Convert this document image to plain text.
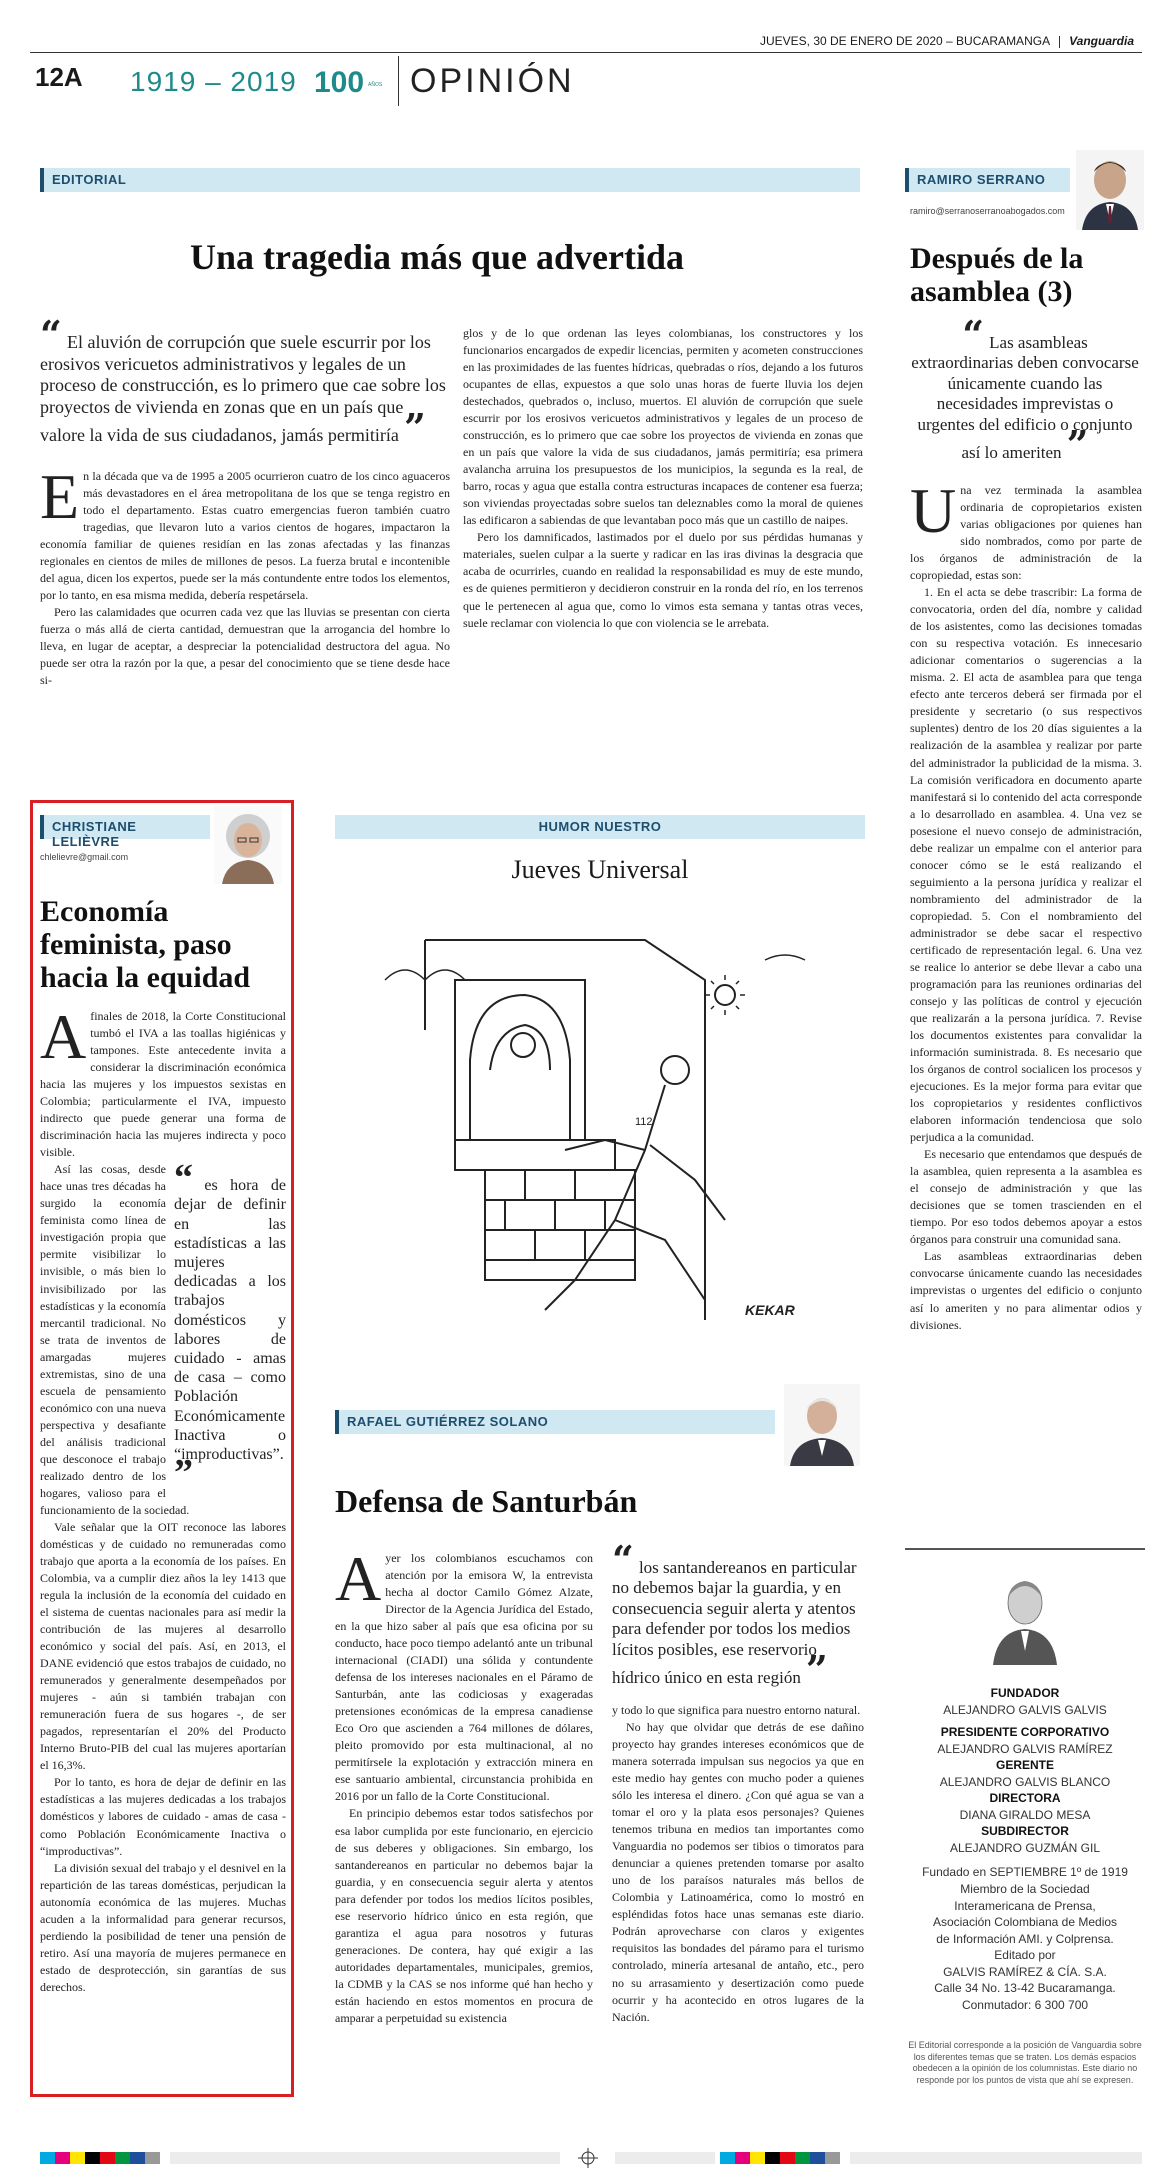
JUEVES, 30 DE ENERO DE 2020 – BUCARAMANGA Vanguardia
12A 1919 – 2019 100 AÑOS OPINIÓN
EDITORIAL
Una tragedia más que advertida
“ El aluvión de corrupción que suele escurrir por los erosivos vericuetos administrativos y legales de un proceso de construcción, es lo primero que cae sobre los proyectos de vivienda en zonas que en un país que valore la vida de sus ciudadanos, jamás permitiría ”
E n la década que va de 1995 a 2005 ocurrieron cuatro de los cinco aguaceros más devastadores en el área metropolitana de los que se tenga registro en todo el departamento. Estas cuatro emergencias fueron también cuatro tragedias, que llevaron luto a varios cientos de hogares, impactaron la economía familiar de quienes residían en las zonas afectadas y las finanzas regionales en cientos de miles de millones de pesos. La fuerza brutal e incontenible del agua, dicen los expertos, puede ser la más contundente entre todos los elementos, por lo tanto, en esa misma medida, debería respetársela.

Pero las calamidades que ocurren cada vez que las lluvias se presentan con cierta fuerza o más allá de cierta cantidad, demuestran que la arrogancia del hombre lo lleva, en lugar de aceptar, a despreciar la potencialidad destructora del agua. No puede ser otra la razón por la que, a pesar del conocimiento que se tiene desde hace si-

glos y de lo que ordenan las leyes colombianas, los constructores y los funcionarios encargados de expedir licencias, permiten y acometen construcciones en las proximidades de las fuentes hídricas, quebradas o ríos, dejando a los futuros ocupantes de ellas, expuestos a que solo unas horas de fuerte lluvia los dejen destechados, quebrados o, incluso, muertos. El aluvión de corrupción que suele escurrir por los erosivos vericuetos administrativos y legales de un proceso de construcción, es lo primero que cae sobre los proyectos de vivienda en zonas que en un país que valore la vida de sus ciudadanos, jamás permitiría; esa primera avalancha arruina los presupuestos de los municipios, la segunda es la real, de barro, rocas y agua que estalla contra estructuras incapaces de contener esa fuerza; son viviendas proyectadas sobre suelos tan deleznables como la moral de quienes las edificaron a sabiendas de que levantaban poco más que un castillo de naipes.

Pero los damnificados, lastimados por el duelo por sus pérdidas humanas y materiales, suelen culpar a la suerte y radicar en las iras divinas la desgracia que acaba de ocurrirles, cuando en realidad la responsabilidad es muy de este mundo, es de quienes permitieron y decidieron construir en la ronda del río, en los terrenos que le pertenecen al agua que, como lo vimos esta semana y tantas otras veces, suele reclamar con violencia lo que con violencia se le arrebata.

RAMIRO SERRANO
ramiro@serranoserranoabogados.com
Después de la asamblea (3)
“ Las asambleas extraordinarias deben convocarse únicamente cuando las necesidades imprevistas o urgentes del edificio o conjunto así lo ameriten ”
U na vez terminada la asamblea ordinaria de copropietarios existen varias obligaciones por quienes han sido nombrados, como por parte de los órganos de administración de la copropiedad, estas son:

1. En el acta se debe trascribir: La forma de convocatoria, orden del día, nombre y calidad de los asistentes, como las decisiones tomadas con su respectiva votación. Es innecesario adicionar comentarios o sugerencias a la misma. 2. El acta de asamblea para que tenga efecto ante terceros deberá ser firmada por el presidente y secretario (o sus respectivos suplentes) dentro de los 20 días siguientes a la realización de la asamblea y realizar por parte del administrador la publicidad de la misma. 3. La comisión verificadora en documento aparte manifestará si lo contenido del acta corresponde a lo desarrollado en asamblea. 4. Una vez se posesione el nuevo consejo de administración, debe realizar un empalme con el anterior para conocer cómo se le está realizando el seguimiento a la persona jurídica y realizar el nombramiento del administrador de la copropiedad. 5. Con el nombramiento del administrador se debe sacar el respectivo certificado de representación legal. 6. Una vez se realice lo anterior se debe llevar a cabo una programación para las reuniones ordinarias del consejo y las políticas de control y ejecución que realizarán a la persona jurídica. 7. Revise los documentos existentes para convalidar la información suministrada. 8. Es necesario que los órganos de control socialicen los procesos y ejecuciones. Es la mejor forma para evitar que los copropietarios y residentes conflictivos elaboren información tendenciosa que solo perjudica a la comunidad.

Es necesario que entendamos que después de la asamblea, quien representa a la asamblea es el consejo de administración y que las decisiones que se tomen trascienden en el tiempo. Por eso todos debemos apoyar a estos órganos para construir una comunidad sana.

Las asambleas extraordinarias deben convocarse únicamente cuando las necesidades imprevistas o urgentes del edificio o conjunto así lo ameriten y no para alimentar odios y divisiones.

CHRISTIANE LELIÈVRE
chlelievre@gmail.com
Economía feminista, paso hacia la equidad
A finales de 2018, la Corte Constitucional tumbó el IVA a las toallas higiénicas y tampones. Este antecedente invita a considerar la discriminación económica hacia las mujeres y los impuestos sexistas en Colombia; particularmente el IVA, impuesto indirecto que puede generar una forma de discriminación hacia las mujeres indirecta y poco visible.

“ es hora de dejar de definir en las estadísticas a las mujeres dedicadas a los trabajos domésticos y labores de cuidado - amas de casa – como Población Económicamente Inactiva o “improductivas”. ”

Así las cosas, desde hace unas tres décadas ha surgido la economía feminista como línea de investigación propia que permite visibilizar lo invisible, o más bien lo invisibilizado por las estadísticas y la economía mercantil tradicional. No se trata de inventos de amargadas mujeres extremistas, sino de una escuela de pensamiento económico con una nueva perspectiva y desafiante del análisis tradicional que desconoce el trabajo realizado dentro de los hogares, valioso para el funcionamiento de la sociedad.

Vale señalar que la OIT reconoce las labores domésticas y de cuidado no remuneradas como trabajo que aporta a la economía de los países. En Colombia, va a cumplir diez años la ley 1413 que regula la inclusión de la economía del cuidado en el sistema de cuentas nacionales para así medir la contribución de las mujeres al desarrollo económico y social del país. Así, en 2013, el DANE evidenció que estos trabajos de cuidado, no remunerados y generalmente desempeñados por mujeres - aún si también trabajan con remuneración fuera de sus hogares -, de ser pagados, representarían el 20% del Producto Interno Bruto-PIB del cual las mujeres aportarían el 16,3%.

Por lo tanto, es hora de dejar de definir en las estadísticas a las mujeres dedicadas a los trabajos domésticos y labores de cuidado - amas de casa - como Población Económicamente Inactiva o “improductivas”.

La división sexual del trabajo y el desnivel en la repartición de las tareas domésticas, perjudican la autonomía económica de las mujeres. Muchas acuden a la informalidad para generar recursos, perdiendo la posibilidad de tener una pensión de retiro. Así una mayoría de mujeres permanece en estado de desprotección, sin garantías de sus derechos.

HUMOR NUESTRO
Jueves Universal
112
KEKAR
RAFAEL GUTIÉRREZ SOLANO
Defensa de Santurbán
A yer los colombianos escuchamos con atención por la emisora W, la entrevista hecha al doctor Camilo Gómez Alzate, Director de la Agencia Jurídica del Estado, en la que hizo saber al país que esa oficina por su conducto, hace poco tiempo adelantó ante un tribunal internacional (CIADI) una sólida y contundente defensa de los intereses nacionales en el Páramo de Santurbán, ante las codiciosas y exageradas pretensiones económicas de la empresa canadiense Eco Oro que ascienden a 764 millones de dólares, pleito promovido por esta multinacional, al no permitírsele la explotación y extracción minera en ese santuario ambiental, circunstancia prohibida en 2016 por un fallo de la Corte Constitucional.

En principio debemos estar todos satisfechos por esa labor cumplida por este funcionario, en ejercicio de sus deberes y obligaciones. Sin embargo, los santandereanos en particular no debemos bajar la guardia, y en consecuencia seguir alerta y atentos para defender por todos los medios lícitos posibles, ese reservorio hídrico único en esta región, que garantiza el agua para nosotros y futuras generaciones. De contera, hay qué exigir a las autoridades departamentales, municipales, gremios, la CDMB y la CAS se nos informe qué han hecho y están haciendo en estos momentos en procura de amparar a perpetuidad su existencia

“ los santandereanos en particular no debemos bajar la guardia, y en consecuencia seguir alerta y atentos para defender por todos los medios lícitos posibles, ese reservorio hídrico único en esta región ”

y todo lo que significa para nuestro entorno natural.

No hay que olvidar que detrás de ese dañino proyecto hay grandes intereses económicos que de manera soterrada impulsan sus negocios ya que en este medio hay gentes con mucho poder a quienes sólo les interesa el dinero. ¿Con qué agua se van a tomar el oro y la plata esos personajes? Quienes tenemos tribuna en medios tan importantes como Vanguardia no podemos ser tibios o timoratos para denunciar a quienes pretenden tomarse por asalto uno de los paraísos naturales más bellos de Colombia y Latinoamérica, como lo mostró en espléndidas fotos hace unas semanas este diario. Podrán aprovecharse con claros y exigentes requisitos las bondades del páramo para el turismo controlado, minería artesanal de antaño, etc., pero no su arrasamiento y desertización como puede ocurrir y ha acontecido en otros lugares de la Nación.

FUNDADOR
ALEJANDRO GALVIS GALVIS
PRESIDENTE CORPORATIVO
ALEJANDRO GALVIS RAMÍREZ
GERENTE
ALEJANDRO GALVIS BLANCO
DIRECTORA
DIANA GIRALDO MESA
SUBDIRECTOR
ALEJANDRO GUZMÁN GIL
Fundado en SEPTIEMBRE 1º de 1919
Miembro de la Sociedad
Interamericana de Prensa,
Asociación Colombiana de Medios
de Información AMI. y Colprensa.
Editado por
GALVIS RAMÍREZ & CÍA. S.A.
Calle 34 No. 13-42 Bucaramanga.
Conmutador: 6 300 700
El Editorial corresponde a la posición de Vanguardia sobre los diferentes temas que se traten. Los demás espacios obedecen a la opinión de los columnistas. Este diario no responde por los puntos de vista que ahí se expresen.
